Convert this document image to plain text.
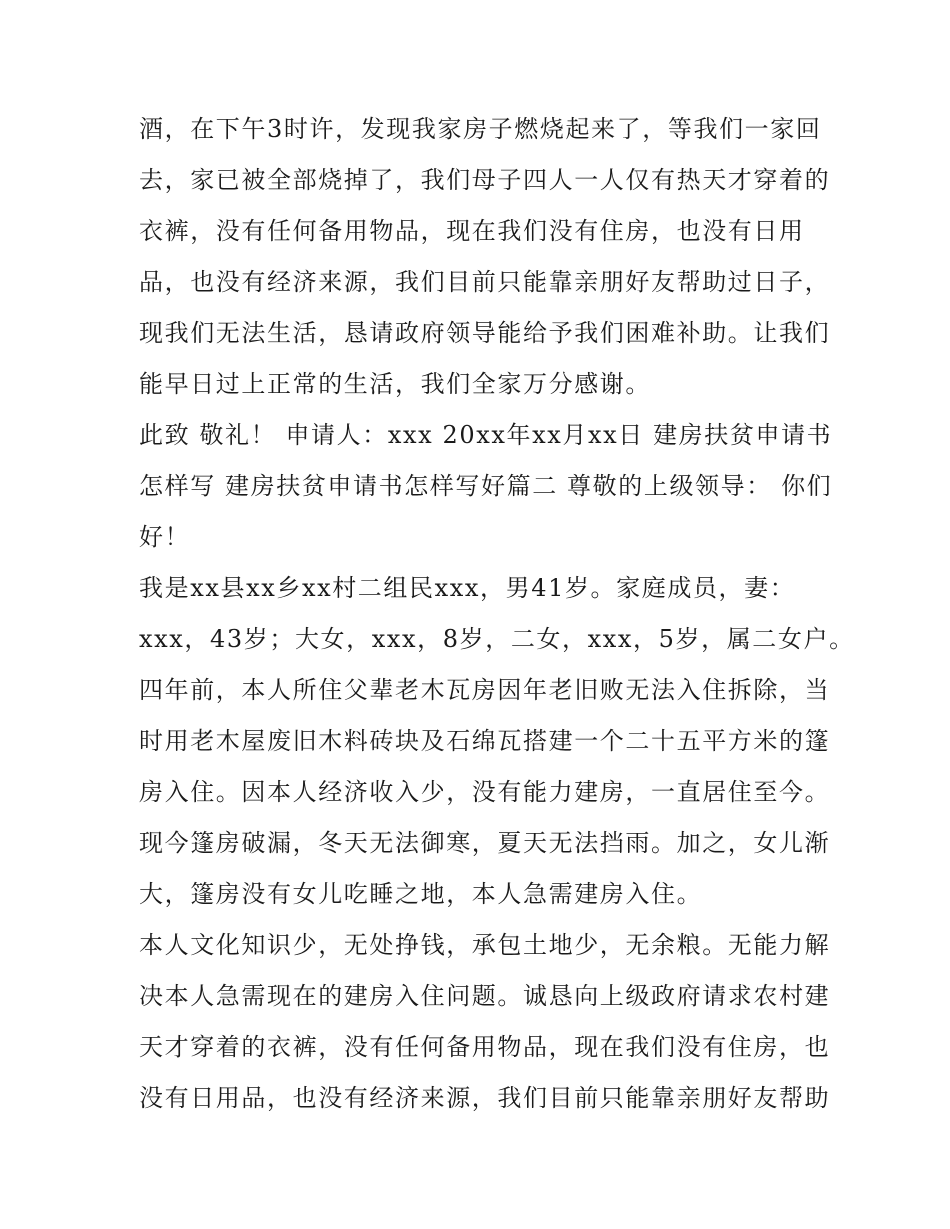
酒，在下午3时许，发现我家房子燃烧起来了，等我们一家回
去，家已被全部烧掉了，我们母子四人一人仅有热天才穿着的
衣裤，没有任何备用物品，现在我们没有住房，也没有日用
品，也没有经济来源，我们目前只能靠亲朋好友帮助过日子，
现我们无法生活，恳请政府领导能给予我们困难补助。让我们
能早日过上正常的生活，我们全家万分感谢。
此致 敬礼！ 申请人：xxx 20xx年xx月xx日 建房扶贫申请书
怎样写 建房扶贫申请书怎样写好篇二 尊敬的上级领导： 你们
好！
我是xx县xx乡xx村二组民xxx，男41岁。家庭成员，妻：
xxx，43岁；大女，xxx，8岁，二女，xxx，5岁，属二女户。
四年前，本人所住父辈老木瓦房因年老旧败无法入住拆除，当
时用老木屋废旧木料砖块及石绵瓦搭建一个二十五平方米的篷
房入住。因本人经济收入少，没有能力建房，一直居住至今。
现今篷房破漏，冬天无法御寒，夏天无法挡雨。加之，女儿渐
大，篷房没有女儿吃睡之地，本人急需建房入住。
本人文化知识少，无处挣钱，承包土地少，无余粮。无能力解
决本人急需现在的建房入住问题。诚恳向上级政府请求农村建
天才穿着的衣裤，没有任何备用物品，现在我们没有住房，也
没有日用品，也没有经济来源，我们目前只能靠亲朋好友帮助
